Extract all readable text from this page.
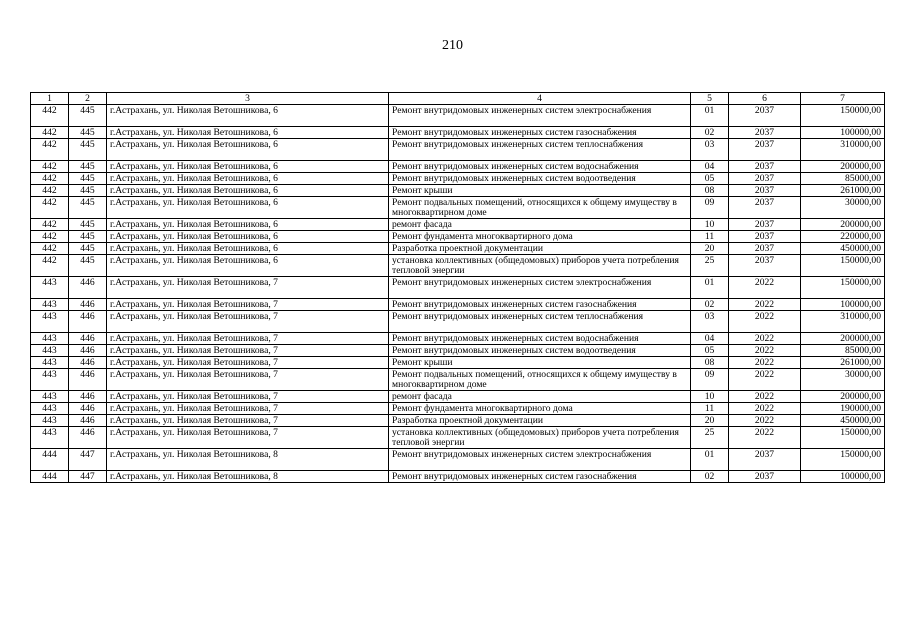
210
1	2	3	4	5	6	7
442	445	г.Астрахань, ул. Николая Ветошникова, 6	Ремонт внутридомовых инженерных систем электроснабжения	01	2037	150000,00
442	445	г.Астрахань, ул. Николая Ветошникова, 6	Ремонт внутридомовых инженерных систем газоснабжения	02	2037	100000,00
442	445	г.Астрахань, ул. Николая Ветошникова, 6	Ремонт внутридомовых инженерных систем теплоснабжения	03	2037	310000,00
442	445	г.Астрахань, ул. Николая Ветошникова, 6	Ремонт внутридомовых инженерных систем водоснабжения	04	2037	200000,00
442	445	г.Астрахань, ул. Николая Ветошникова, 6	Ремонт внутридомовых инженерных систем водоотведения	05	2037	85000,00
442	445	г.Астрахань, ул. Николая Ветошникова, 6	Ремонт крыши	08	2037	261000,00
442	445	г.Астрахань, ул. Николая Ветошникова, 6	Ремонт подвальных помещений, относящихся к общему имуществу в многоквартирном доме	09	2037	30000,00
442	445	г.Астрахань, ул. Николая Ветошникова, 6	ремонт фасада	10	2037	200000,00
442	445	г.Астрахань, ул. Николая Ветошникова, 6	Ремонт фундамента многоквартирного дома	11	2037	220000,00
442	445	г.Астрахань, ул. Николая Ветошникова, 6	Разработка проектной документации	20	2037	450000,00
442	445	г.Астрахань, ул. Николая Ветошникова, 6	установка коллективных (общедомовых) приборов учета потребления тепловой энергии	25	2037	150000,00
443	446	г.Астрахань, ул. Николая Ветошникова, 7	Ремонт внутридомовых инженерных систем электроснабжения	01	2022	150000,00
443	446	г.Астрахань, ул. Николая Ветошникова, 7	Ремонт внутридомовых инженерных систем газоснабжения	02	2022	100000,00
443	446	г.Астрахань, ул. Николая Ветошникова, 7	Ремонт внутридомовых инженерных систем теплоснабжения	03	2022	310000,00
443	446	г.Астрахань, ул. Николая Ветошникова, 7	Ремонт внутридомовых инженерных систем водоснабжения	04	2022	200000,00
443	446	г.Астрахань, ул. Николая Ветошникова, 7	Ремонт внутридомовых инженерных систем водоотведения	05	2022	85000,00
443	446	г.Астрахань, ул. Николая Ветошникова, 7	Ремонт крыши	08	2022	261000,00
443	446	г.Астрахань, ул. Николая Ветошникова, 7	Ремонт подвальных помещений, относящихся к общему имуществу в многоквартирном доме	09	2022	30000,00
443	446	г.Астрахань, ул. Николая Ветошникова, 7	ремонт фасада	10	2022	200000,00
443	446	г.Астрахань, ул. Николая Ветошникова, 7	Ремонт фундамента многоквартирного дома	11	2022	190000,00
443	446	г.Астрахань, ул. Николая Ветошникова, 7	Разработка проектной документации	20	2022	450000,00
443	446	г.Астрахань, ул. Николая Ветошникова, 7	установка коллективных (общедомовых) приборов учета потребления тепловой энергии	25	2022	150000,00
444	447	г.Астрахань, ул. Николая Ветошникова, 8	Ремонт внутридомовых инженерных систем электроснабжения	01	2037	150000,00
444	447	г.Астрахань, ул. Николая Ветошникова, 8	Ремонт внутридомовых инженерных систем газоснабжения	02	2037	100000,00
